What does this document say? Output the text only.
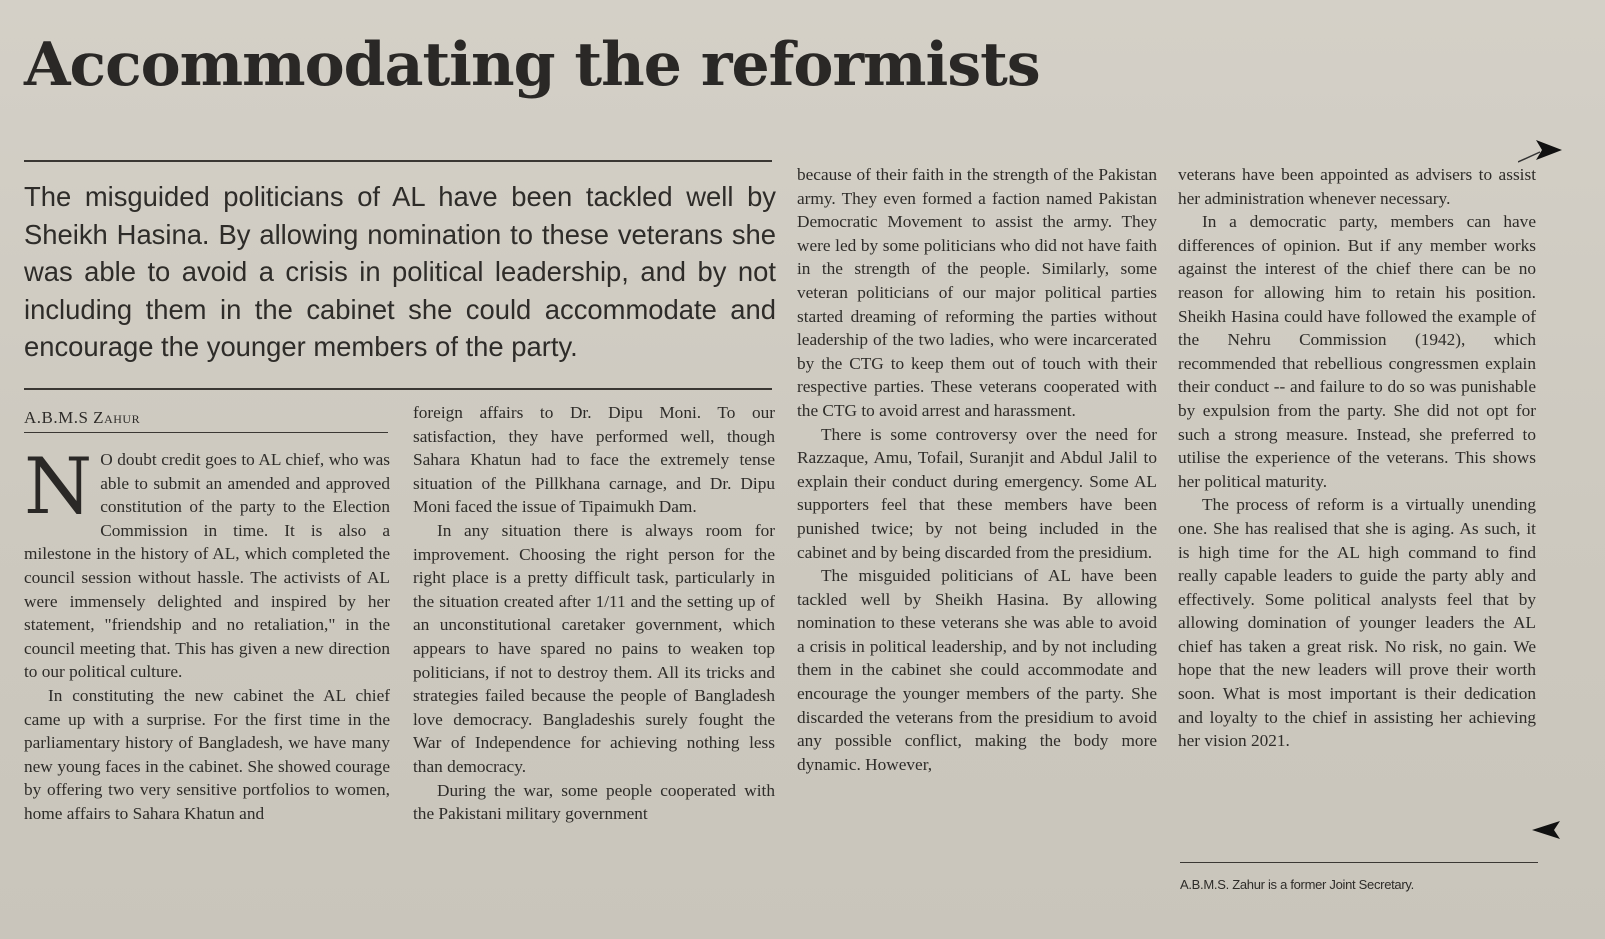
Accommodating the reformists

The misguided politicians of AL have been tackled well by Sheikh Hasina. By allowing nomination to these veterans she was able to avoid a crisis in political leadership, and by not including them in the cabinet she could accommodate and encourage the younger members of the party.

A.B.M.S Zahur
N O doubt credit goes to AL chief, who was able to submit an amended and approved constitution of the party to the Election Commission in time. It is also a milestone in the history of AL, which completed the council session without hassle. The activists of AL were immensely delighted and inspired by her statement, "friendship and no retaliation," in the council meeting that. This has given a new direction to our political culture.

In constituting the new cabinet the AL chief came up with a surprise. For the first time in the parliamentary history of Bangladesh, we have many new young faces in the cabinet. She showed courage by offering two very sensitive portfolios to women, home affairs to Sahara Khatun and

foreign affairs to Dr. Dipu Moni. To our satisfaction, they have performed well, though Sahara Khatun had to face the extremely tense situation of the Pillkhana carnage, and Dr. Dipu Moni faced the issue of Tipaimukh Dam.

In any situation there is always room for improvement. Choosing the right person for the right place is a pretty difficult task, particularly in the situation created after 1/11 and the setting up of an unconstitutional caretaker government, which appears to have spared no pains to weaken top politicians, if not to destroy them. All its tricks and strategies failed because the people of Bangladesh love democracy. Bangladeshis surely fought the War of Independence for achieving nothing less than democracy.

During the war, some people cooperated with the Pakistani military government

because of their faith in the strength of the Pakistan army. They even formed a faction named Pakistan Democratic Movement to assist the army. They were led by some politicians who did not have faith in the strength of the people. Similarly, some veteran politicians of our major political parties started dreaming of reforming the parties without leadership of the two ladies, who were incarcerated by the CTG to keep them out of touch with their respective parties. These veterans cooperated with the CTG to avoid arrest and harassment.

There is some controversy over the need for Razzaque, Amu, Tofail, Suranjit and Abdul Jalil to explain their conduct during emergency. Some AL supporters feel that these members have been punished twice; by not being included in the cabinet and by being discarded from the presidium.

The misguided politicians of AL have been tackled well by Sheikh Hasina. By allowing nomination to these veterans she was able to avoid a crisis in political leadership, and by not including them in the cabinet she could accommodate and encourage the younger members of the party. She discarded the veterans from the presidium to avoid any possible conflict, making the body more dynamic. However,

veterans have been appointed as advisers to assist her administration whenever necessary.

In a democratic party, members can have differences of opinion. But if any member works against the interest of the chief there can be no reason for allowing him to retain his position. Sheikh Hasina could have followed the example of the Nehru Commission (1942), which recommended that rebellious congressmen explain their conduct -- and failure to do so was punishable by expulsion from the party. She did not opt for such a strong measure. Instead, she preferred to utilise the experience of the veterans. This shows her political maturity.

The process of reform is a virtually unending one. She has realised that she is aging. As such, it is high time for the AL high command to find really capable leaders to guide the party ably and effectively. Some political analysts feel that by allowing domination of younger leaders the AL chief has taken a great risk. No risk, no gain. We hope that the new leaders will prove their worth soon. What is most important is their dedication and loyalty to the chief in assisting her achieving her vision 2021.

A.B.M.S. Zahur is a former Joint Secretary.
